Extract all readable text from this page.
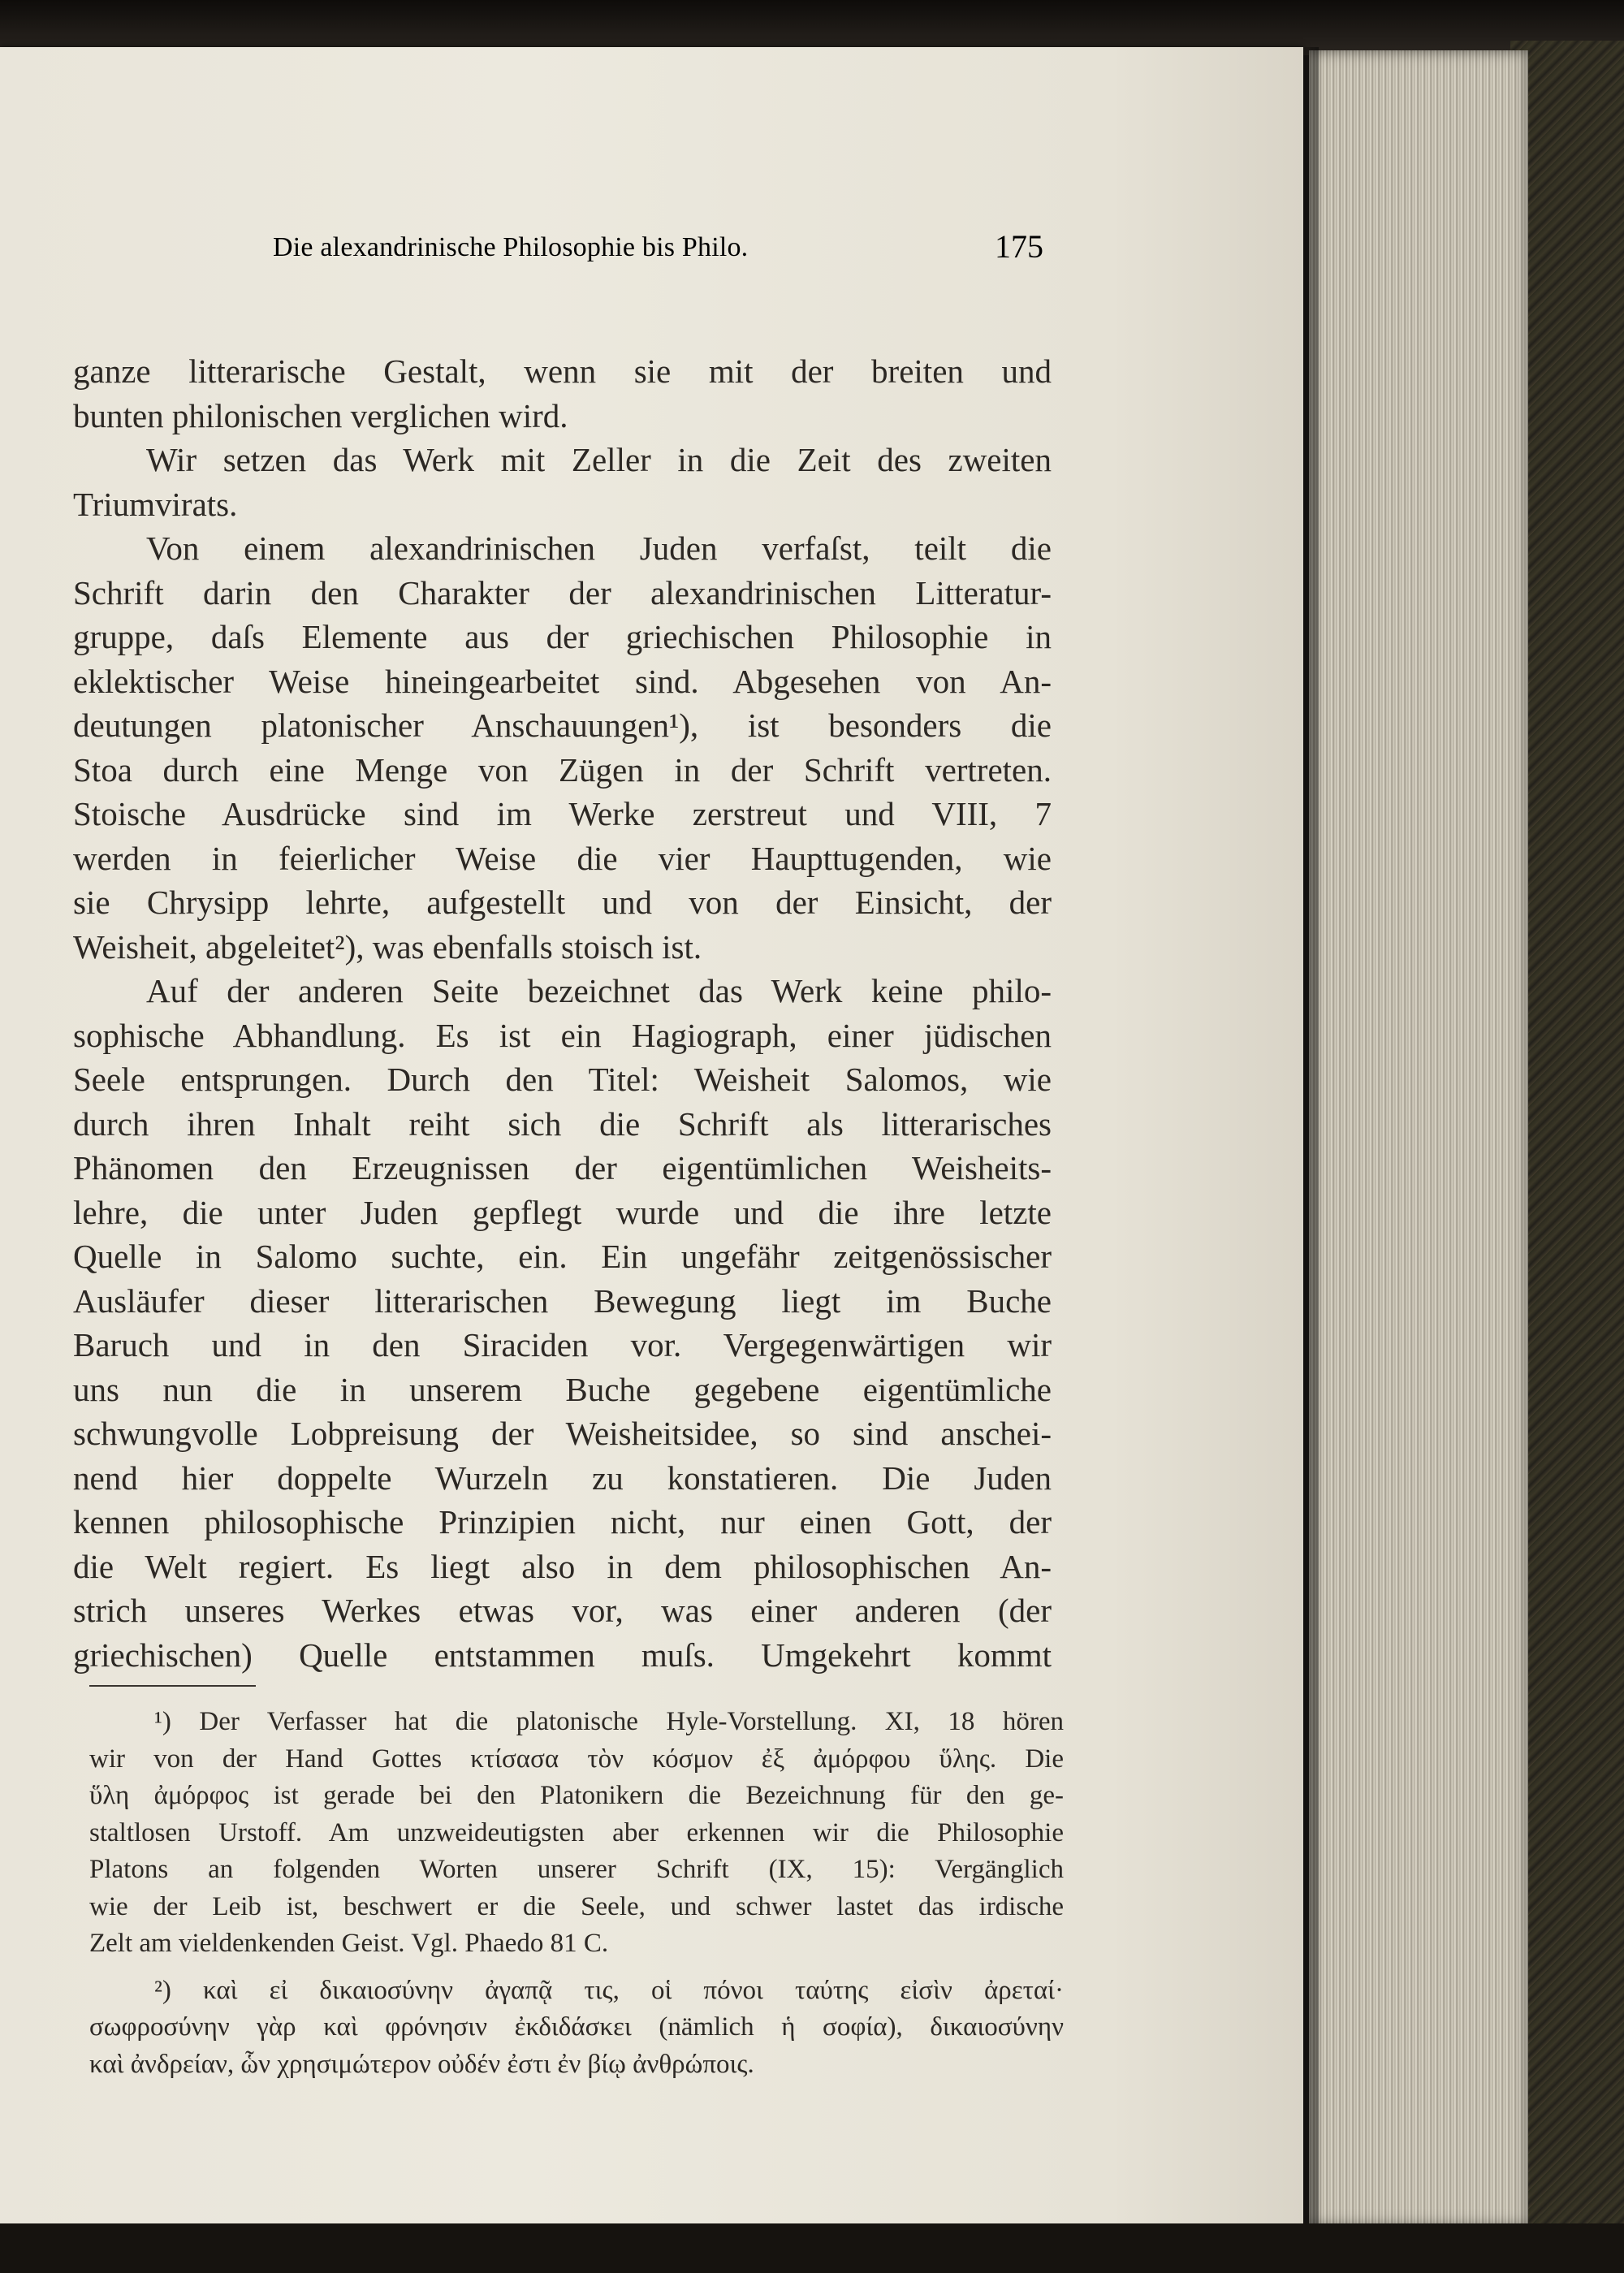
Die alexandrinische Philosophie bis Philo.	175

ganze litterarische Gestalt, wenn sie mit der breiten und
bunten philonischen verglichen wird.

Wir setzen das Werk mit Zeller in die Zeit des zweiten
Triumvirats.

Von einem alexandrinischen Juden verfaſst, teilt die
Schrift darin den Charakter der alexandrinischen Litteratur-
gruppe, daſs Elemente aus der griechischen Philosophie in
eklektischer Weise hineingearbeitet sind. Abgesehen von An-
deutungen platonischer Anschauungen¹), ist besonders die
Stoa durch eine Menge von Zügen in der Schrift vertreten.
Stoische Ausdrücke sind im Werke zerstreut und VIII, 7
werden in feierlicher Weise die vier Haupttugenden, wie
sie Chrysipp lehrte, aufgestellt und von der Einsicht, der
Weisheit, abgeleitet²), was ebenfalls stoisch ist.

Auf der anderen Seite bezeichnet das Werk keine philo-
sophische Abhandlung. Es ist ein Hagiograph, einer jüdischen
Seele entsprungen. Durch den Titel: Weisheit Salomos, wie
durch ihren Inhalt reiht sich die Schrift als litterarisches
Phänomen den Erzeugnissen der eigentümlichen Weisheits-
lehre, die unter Juden gepflegt wurde und die ihre letzte
Quelle in Salomo suchte, ein. Ein ungefähr zeitgenössischer
Ausläufer dieser litterarischen Bewegung liegt im Buche
Baruch und in den Siraciden vor. Vergegenwärtigen wir
uns nun die in unserem Buche gegebene eigentümliche
schwungvolle Lobpreisung der Weisheitsidee, so sind anschei-
nend hier doppelte Wurzeln zu konstatieren. Die Juden
kennen philosophische Prinzipien nicht, nur einen Gott, der
die Welt regiert. Es liegt also in dem philosophischen An-
strich unseres Werkes etwas vor, was einer anderen (der
griechischen) Quelle entstammen muſs. Umgekehrt kommt

¹) Der Verfasser hat die platonische Hyle-Vorstellung. XI, 18 hören
wir von der Hand Gottes κτίσασα τὸν κόσμον ἐξ ἀμόρφου ὕλης. Die
ὕλη ἀμόρφος ist gerade bei den Platonikern die Bezeichnung für den ge-
staltlosen Urstoff. Am unzweideutigsten aber erkennen wir die Philosophie
Platons an folgenden Worten unserer Schrift (IX, 15): Vergänglich
wie der Leib ist, beschwert er die Seele, und schwer lastet das irdische
Zelt am vieldenkenden Geist. Vgl. Phaedo 81 C.
²) καὶ εἰ δικαιοσύνην ἀγαπᾷ τις, οἱ πόνοι ταύτης εἰσὶν ἀρεταί·
σωφροσύνην γὰρ καὶ φρόνησιν ἐκδιδάσκει (nämlich ἡ σοφία), δικαιοσύνην
καὶ ἀνδρείαν, ὧν χρησιμώτερον οὐδέν ἐστι ἐν βίῳ ἀνθρώποις.
